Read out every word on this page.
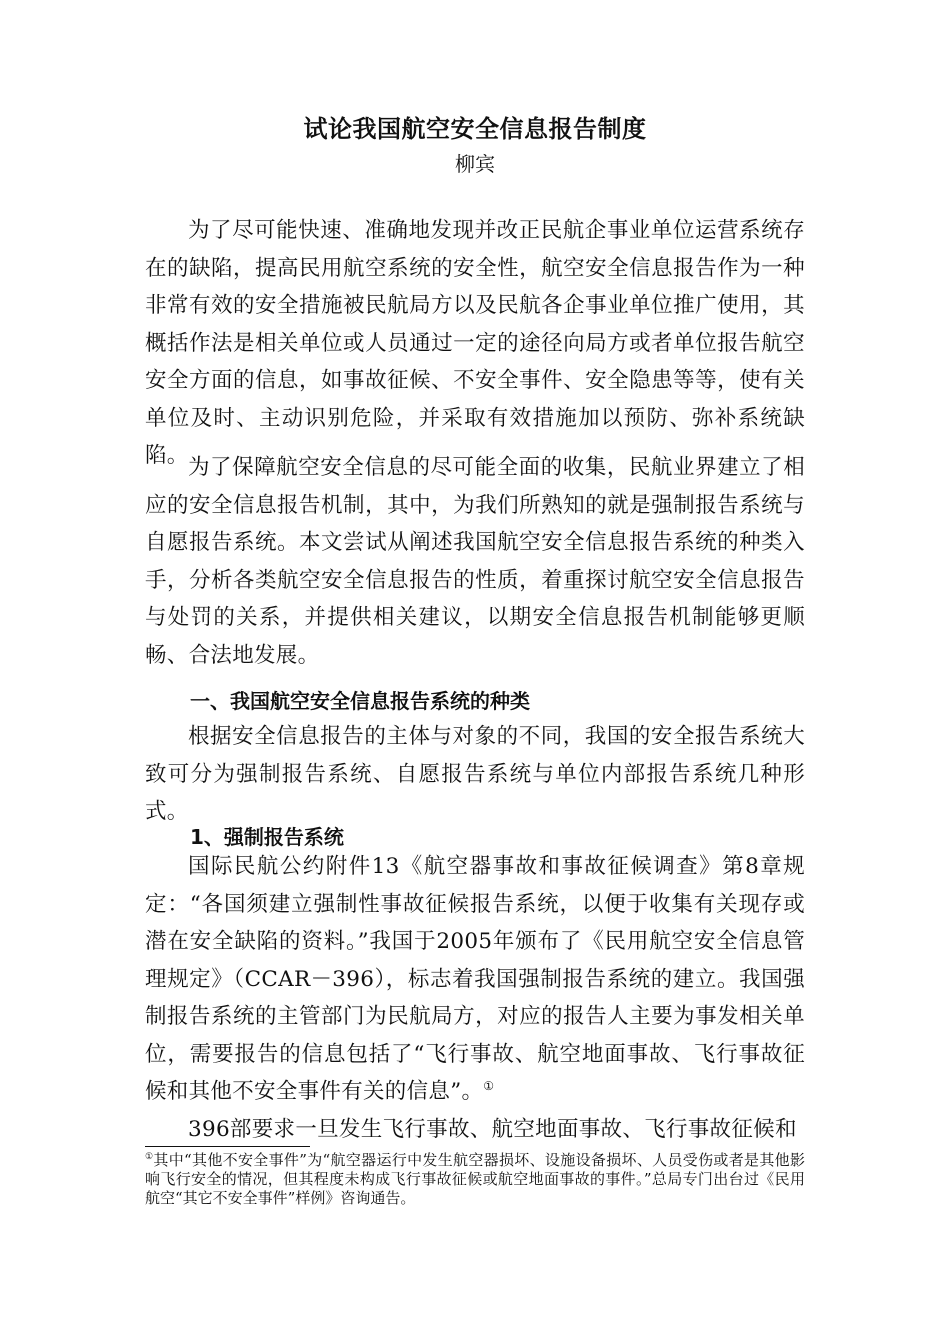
试论我国航空安全信息报告制度
柳宾

为了尽可能快速、准确地发现并改正民航企事业单位运营系统存在的缺陷，提高民用航空系统的安全性，航空安全信息报告作为一种非常有效的安全措施被民航局方以及民航各企事业单位推广使用，其概括作法是相关单位或人员通过一定的途径向局方或者单位报告航空安全方面的信息，如事故征候、不安全事件、安全隐患等等，使有关单位及时、主动识别危险，并采取有效措施加以预防、弥补系统缺陷。 为了保障航空安全信息的尽可能全面的收集，民航业界建立了相应的安全信息报告机制，其中，为我们所熟知的就是强制报告系统与自愿报告系统。本文尝试从阐述我国航空安全信息报告系统的种类入手，分析各类航空安全信息报告的性质，着重探讨航空安全信息报告与处罚的关系，并提供相关建议，以期安全信息报告机制能够更顺畅、合法地发展。

一、我国航空安全信息报告系统的种类

根据安全信息报告的主体与对象的不同，我国的安全报告系统大致可分为强制报告系统、自愿报告系统与单位内部报告系统几种形式。

1、强制报告系统

国际民航公约附件13《航空器事故和事故征候调查》第8章规定：“各国须建立强制性事故征候报告系统，以便于收集有关现存或潜在安全缺陷的资料。”我国于2005年颁布了《民用航空安全信息管理规定》（CCAR－396），标志着我国强制报告系统的建立。我国强制报告系统的主管部门为民航局方，对应的报告人主要为事发相关单位，需要报告的信息包括了“飞行事故、航空地面事故、飞行事故征候和其他不安全事件有关的信息”。①

396部要求一旦发生飞行事故、航空地面事故、飞行事故征候和

①其中“其他不安全事件”为“航空器运行中发生航空器损坏、设施设备损坏、人员受伤或者是其他影响飞行安全的情况，但其程度未构成飞行事故征候或航空地面事故的事件。”总局专门出台过《民用航空“其它不安全事件”样例》咨询通告。
